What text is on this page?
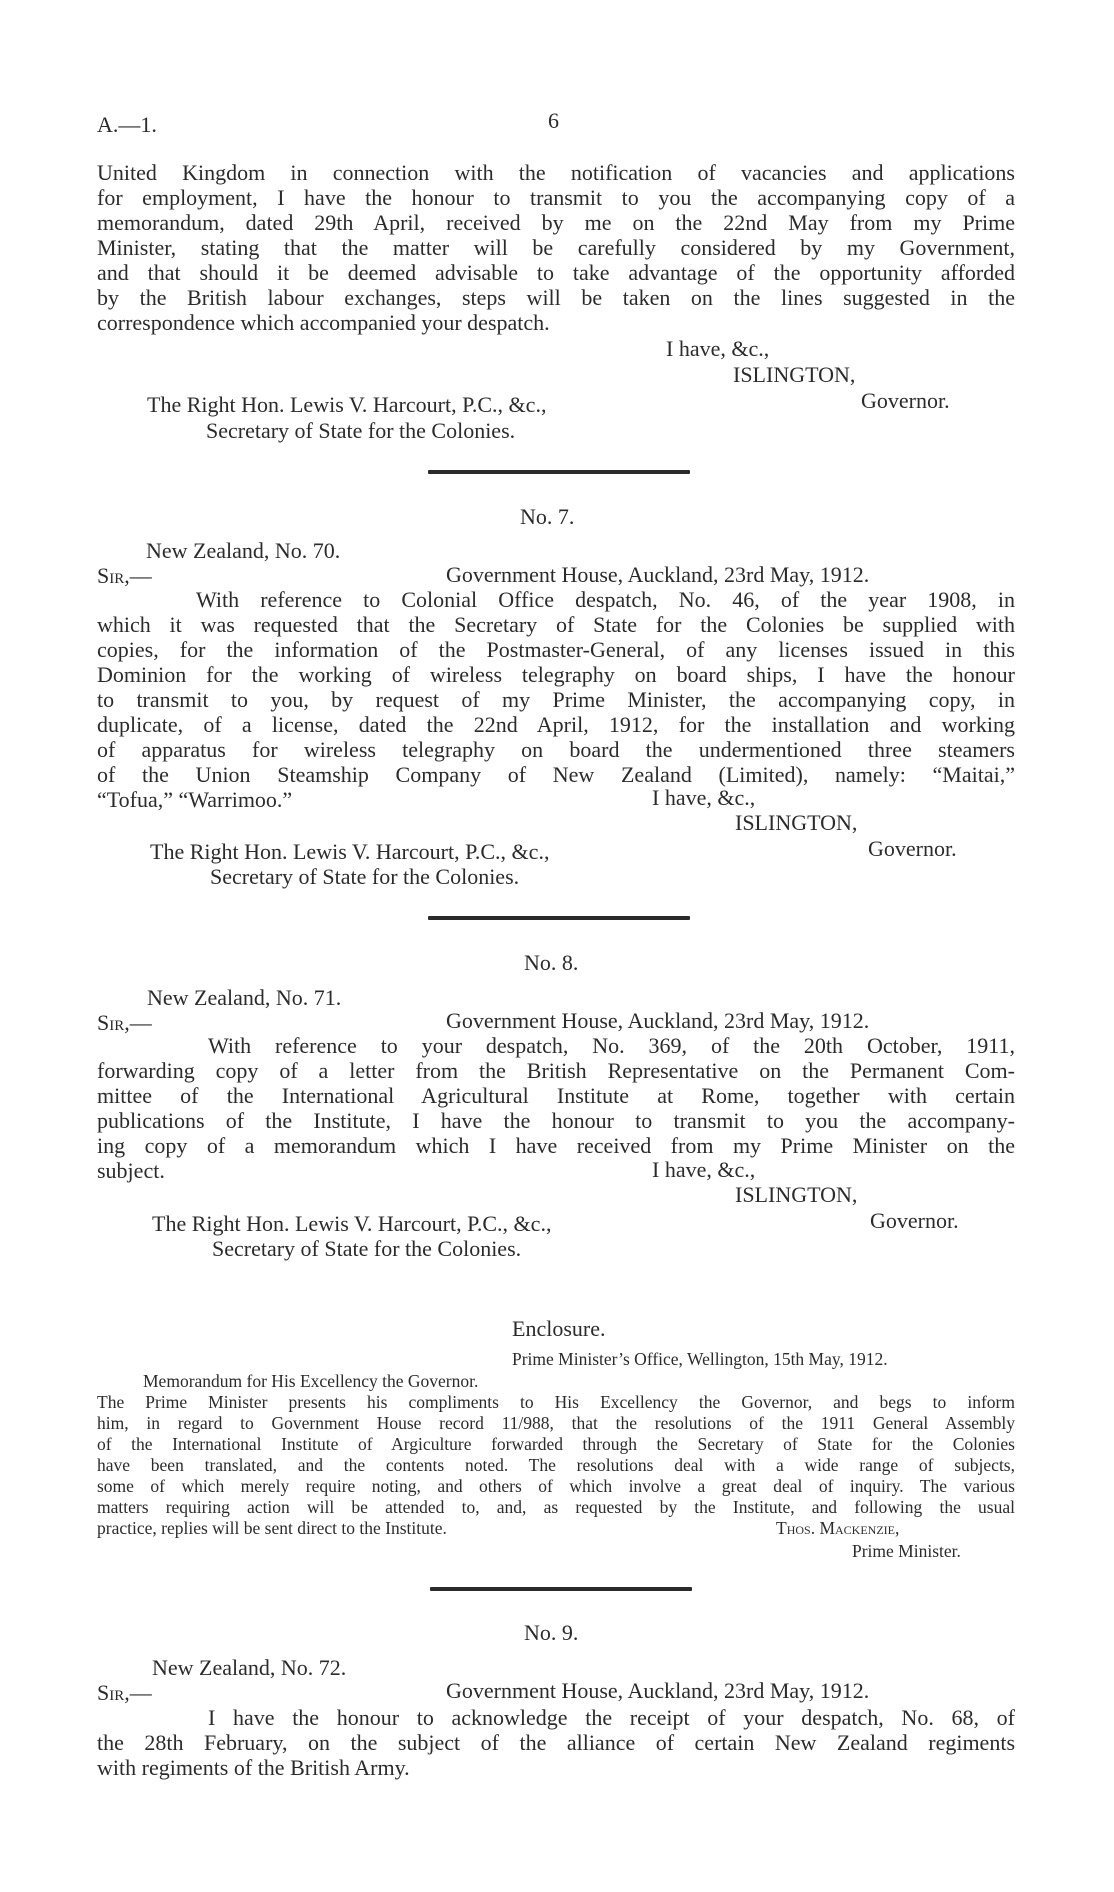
A.—1.	6
United Kingdom in connection with the notification of vacancies and applications
for employment, I have the honour to transmit to you the accompanying copy of a
memorandum, dated 29th April, received by me on the 22nd May from my Prime
Minister, stating that the matter will be carefully considered by my Government,
and that should it be deemed advisable to take advantage of the opportunity afforded
by the British labour exchanges, steps will be taken on the lines suggested in the
correspondence which accompanied your despatch.
I have, &c.,
ISLINGTON,
Governor.
The Right Hon. Lewis V. Harcourt, P.C., &c.,
Secretary of State for the Colonies.
No. 7.
New Zealand, No. 70.
Sir,—	Government House, Auckland, 23rd May, 1912.
With reference to Colonial Office despatch, No. 46, of the year 1908, in
which it was requested that the Secretary of State for the Colonies be supplied with
copies, for the information of the Postmaster-General, of any licenses issued in this
Dominion for the working of wireless telegraphy on board ships, I have the honour
to transmit to you, by request of my Prime Minister, the accompanying copy, in
duplicate, of a license, dated the 22nd April, 1912, for the installation and working
of apparatus for wireless telegraphy on board the undermentioned three steamers
of the Union Steamship Company of New Zealand (Limited), namely: “Maitai,”
“Tofua,” “Warrimoo.”	I have, &c.,
ISLINGTON,
Governor.
The Right Hon. Lewis V. Harcourt, P.C., &c.,
Secretary of State for the Colonies.
No. 8.
New Zealand, No. 71.
Sir,—	Government House, Auckland, 23rd May, 1912.
With reference to your despatch, No. 369, of the 20th October, 1911,
forwarding copy of a letter from the British Representative on the Permanent Com-
mittee of the International Agricultural Institute at Rome, together with certain
publications of the Institute, I have the honour to transmit to you the accompany-
ing copy of a memorandum which I have received from my Prime Minister on the
subject.	I have, &c.,
ISLINGTON,
Governor.
The Right Hon. Lewis V. Harcourt, P.C., &c.,
Secretary of State for the Colonies.
Enclosure.
Prime Minister’s Office, Wellington, 15th May, 1912.
Memorandum for His Excellency the Governor.
The Prime Minister presents his compliments to His Excellency the Governor, and begs to inform
him, in regard to Government House record 11/988, that the resolutions of the 1911 General Assembly
of the International Institute of Argiculture forwarded through the Secretary of State for the Colonies
have been translated, and the contents noted. The resolutions deal with a wide range of subjects,
some of which merely require noting, and others of which involve a great deal of inquiry. The various
matters requiring action will be attended to, and, as requested by the Institute, and following the usual
practice, replies will be sent direct to the Institute.	Thos. Mackenzie,
Prime Minister.
No. 9.
New Zealand, No. 72.
Sir,—	Government House, Auckland, 23rd May, 1912.
I have the honour to acknowledge the receipt of your despatch, No. 68, of
the 28th February, on the subject of the alliance of certain New Zealand regiments
with regiments of the British Army.
